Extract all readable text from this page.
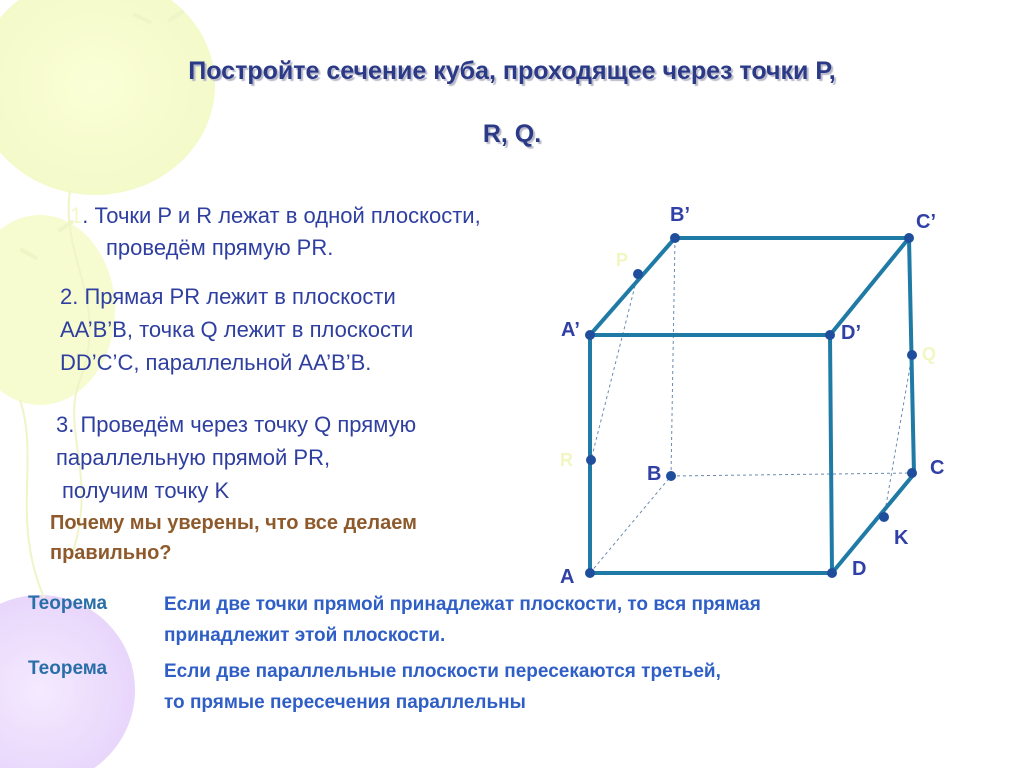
A
B	C
D
A’
B’	C’
D’
K
P
R
Q
Постройте сечение куба, проходящее через точки P,
R, Q.
1. Точки P и R лежат в одной плоскости,
проведём прямую PR.
2. Прямая PR лежит в плоскости
AA’B’B, точка Q лежит в плоскости
DD’C’C, параллельной AA’B’B.
3. Проведём через точку Q прямую
параллельную прямой PR,
получим точку K
Почему мы уверены, что все делаем
правильно?
Теорема	Если две точки прямой принадлежат плоскости, то вся прямая
принадлежит этой плоскости.
Теорема	Если две параллельные плоскости пересекаются третьей,
то прямые пересечения параллельны
